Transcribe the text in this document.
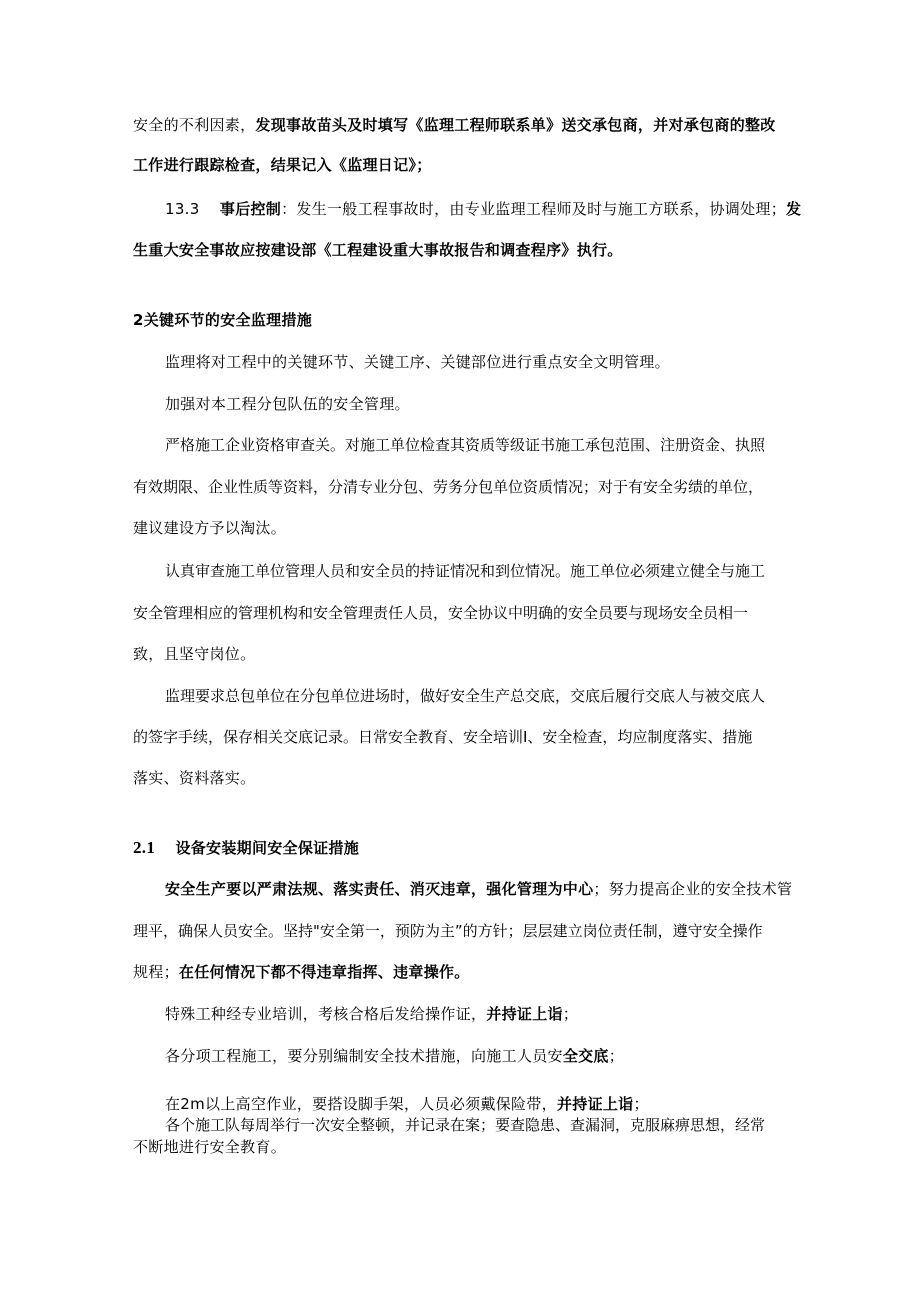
安全的不利因素，发现事故苗头及时填写《监理工程师联系单》送交承包商，并对承包商的整改
工作进行跟踪检查，结果记入《监理日记》；
13.3 事后控制：发生一般工程事故时，由专业监理工程师及时与施工方联系，协调处理；发
生重大安全事故应按建设部《工程建设重大事故报告和调查程序》执行。
2关键环节的安全监理措施
监理将对工程中的关键环节、关键工序、关键部位进行重点安全文明管理。
加强对本工程分包队伍的安全管理。
严格施工企业资格审查关。对施工单位检查其资质等级证书施工承包范围、注册资金、执照
有效期限、企业性质等资料，分清专业分包、劳务分包单位资质情况；对于有安全劣绩的单位，
建议建设方予以淘汰。
认真审查施工单位管理人员和安全员的持证情况和到位情况。施工单位必须建立健全与施工
安全管理相应的管理机构和安全管理责任人员，安全协议中明确的安全员要与现场安全员相一
致，且坚守岗位。
监理要求总包单位在分包单位进场时，做好安全生产总交底，交底后履行交底人与被交底人
的签字手续，保存相关交底记录。日常安全教育、安全培训Ⅰ、安全检查，均应制度落实、措施
落实、资料落实。
2.1 设备安装期间安全保证措施
安全生产要以严肃法规、落实责任、消灭违章，强化管理为中心；努力提高企业的安全技术管
理平，确保人员安全。坚持"安全第一，预防为主”的方针；层层建立岗位责任制，遵守安全操作
规程；在任何情况下都不得违章指挥、违章操作。
特殊工种经专业培训，考核合格后发给操作证，并持证上诣；
各分项工程施工，要分别编制安全技术措施，向施工人员安全交底；
在2m以上高空作业，要搭设脚手架，人员必须戴保险带，并持证上诣；
各个施工队每周举行一次安全整顿，并记录在案；要查隐患、查漏洞，克服麻痹思想，经常
不断地进行安全教育。
